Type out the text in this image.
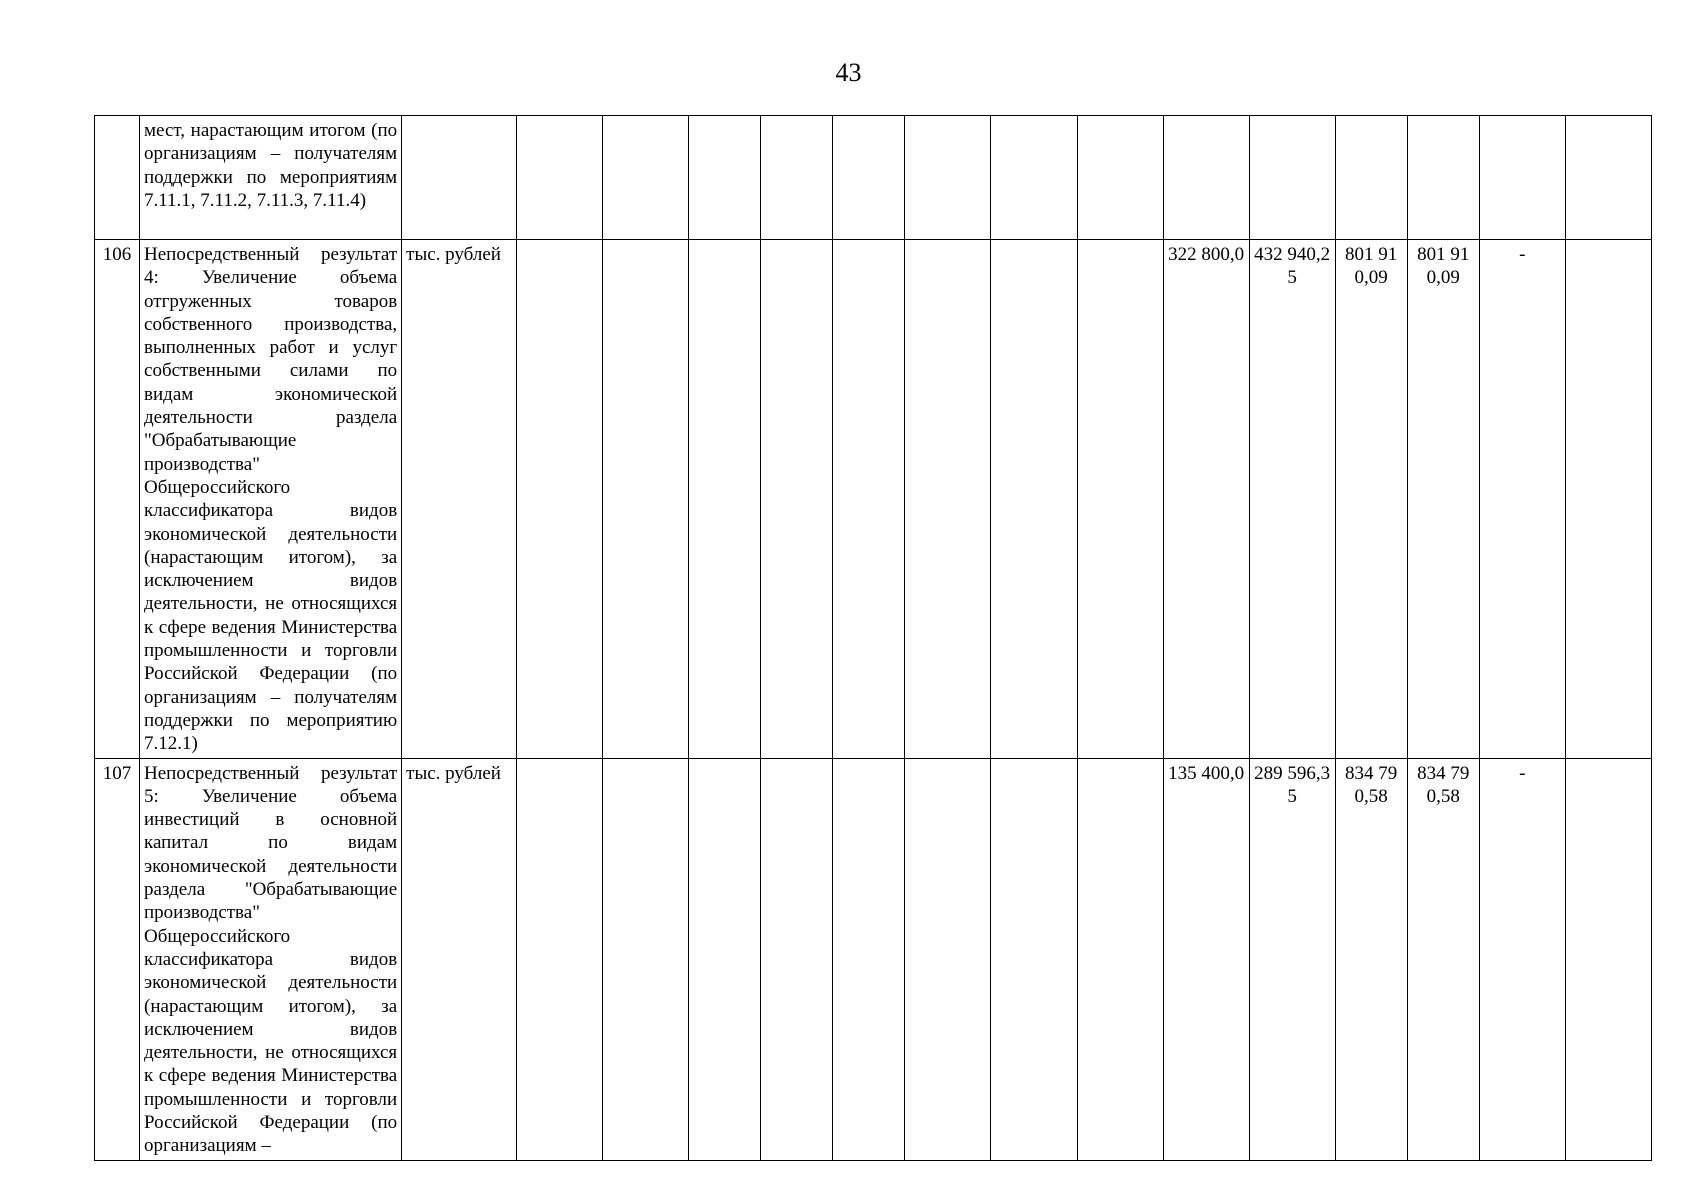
43
	мест, нарастающим итогом (по организациям – получателям поддержки по мероприятиям 7.11.1, 7.11.2, 7.11.3, 7.11.4)															
106	Непосредственный результат 4: Увеличение объема отгруженных товаров собственного производства, выполненных работ и услуг собственными силами по видам экономической деятельности раздела "Обрабатывающие производства" Общероссийского классификатора видов экономической деятельности (нарастающим итогом), за исключением видов деятельности, не относящихся к сфере ведения Министерства промышленности и торговли Российской Федерации (по организациям – получателям поддержки по мероприятию 7.12.1)	тыс. рублей									322 800,0	432 940,25	801 910,09	801 910,09	-	
107	Непосредственный результат 5: Увеличение объема инвестиций в основной капитал по видам экономической деятельности раздела "Обрабатывающие производства" Общероссийского классификатора видов экономической деятельности (нарастающим итогом), за исключением видов деятельности, не относящихся к сфере ведения Министерства промышленности и торговли Российской Федерации (по организациям –	тыс. рублей									135 400,0	289 596,35	834 790,58	834 790,58	-	
